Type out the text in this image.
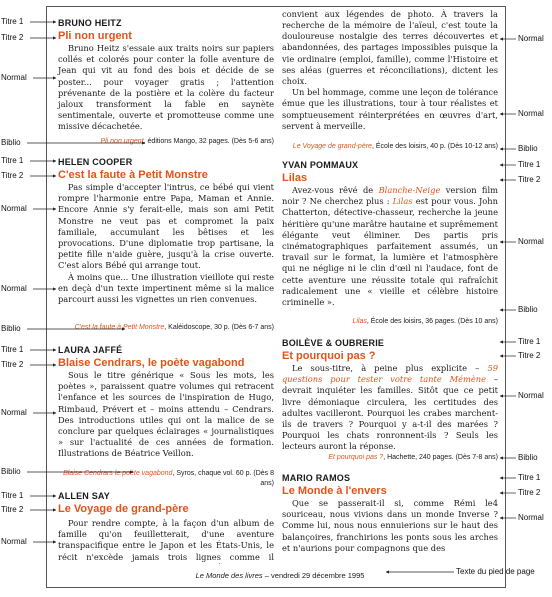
BRUNO HEITZ
Pli non urgent

Bruno Heitz s'essaie aux traits noirs sur papiers collés et colorés pour conter la folle aventure de Jean qui vit au fond des bois et décide de se poster... pour voyager gratis ; l'attention prévenante de la postière et la colère du facteur jaloux transforment la fable en saynète sentimentale, ouverte et promotteuse comme une missive décachetée.

Pli non urgent, éditions Mango, 32 pages. (Dès 5-6 ans)
HELEN COOPER
C'est la faute à Petit Monstre

Pas simple d'accepter l'intrus, ce bébé qui vient rompre l'harmonie entre Papa, Maman et Annie. Encore Annie s'y ferait-elle, mais son ami Petit Monstre ne veut pas et compromet la paix familiale, accumulant les bêtises et les provocations. D'une diplomatie trop partisane, la petite fille n'aide guère, jusqu'à la crise ouverte. C'est alors Bébé qui arrange tout.

À moins que... Une illustration vieillote qui reste en deçà d'un texte impertinent même si la malice parcourt aussi les vignettes un rien convenues.

C'est la faute à Petit Monstre, Kaléidoscope, 30 p. (Dès 6-7 ans)
LAURA JAFFÉ
Blaise Cendrars, le poète vagabond

Sous le titre générique « Sous les mots, les poètes », paraissent quatre volumes qui retracent l'enfance et les sources de l'inspiration de Hugo, Rimbaud, Prévert et – moins attendu – Cendrars. Des introductions utiles qui ont la malice de se conclure par quelques éclairages « journalistiques » sur l'actualité de ces années de formation. Illustrations de Béatrice Veillon.

Blaise Cendrars le poète vagabond, Syros, chaque vol. 60 p. (Dès 8 ans)
ALLEN SAY
Le Voyage de grand-père

Pour rendre compte, à la façon d'un album de famille qu'on feuilletterait, d'une aventure transpacifique entre le Japon et les États-Unis, le récit n'excède jamais trois lignes comme il

convient aux légendes de photo. À travers la recherche de la mémoire de l'aïeul, c'est toute la douloureuse nostalgie des terres découvertes et abandonnées, des partages impossibles puisque la vie ordinaire (emploi, famille), comme l'Histoire et ses aléas (guerres et réconciliations), dictent les choix.

Un bel hommage, comme une leçon de tolérance émue que les illustrations, tour à tour réalistes et somptueusement réinterprétées en œuvres d'art, servent à merveille.

Le Voyage de grand-père, École des loisirs, 40 p. (Dès 10-12 ans)
YVAN POMMAUX
Lilas

Avez-vous rêvé de Blanche-Neige version film noir ? Ne cherchez plus : Lilas est pour vous. John Chatterton, détective-chasseur, recherche la jeune héritière qu'une marâtre hautaine et suprêmement élégante veut éliminer. Des partis pris cinématographiques parfaitement assumés, un travail sur le format, la lumière et l'atmosphère qui ne néglige ni le clin d'œil ni l'audace, font de cette aventure une réussite totale qui rafraîchit radicalement une « vieille et célèbre histoire criminelle ».

Lilas, École des loisirs, 36 pages. (Dès 10 ans)
BOILÈVE & OUBRERIE
Et pourquoi pas ?

Le sous-titre, à peine plus explicite – 59 questions pour tester votre tante Mémène – devrait inquiéter les familles. Sitôt que ce petit livre démoniaque circulera, les certitudes des adultes vacilleront. Pourquoi les crabes marchent-ils de travers ? Pourquoi y a-t-il des marées ? Pourquoi les chats ronronnent-ils ? Seuls les lecteurs auront la réponse.

Et pourquoi pas ?, Hachette, 240 pages. (Dès 7-8 ans)
MARIO RAMOS
Le Monde à l'envers

Que se passerait-il si, comme Rémi le4 souriceau, nous vivions dans un monde Inverse ? Comme lui, nous nous ennuierions sur le haut des balançoires, franchirions les ponts sous les arches et n'aurions pour compagnons que des

Le Monde des livres – vendredi 29 décembre 1995
Titre 1
Titre 2
Normal
Biblio
Titre 1
Titre 2
Normal
Normal
Biblio
Titre 1
Titre 2
Normal
Biblio
Titre 1
Titre 2
Normal
Normal
Normal
Biblio
Titre 1
Titre 2
Normal
Biblio
Titre 1
Titre 2
Normal
Biblio
Titre 1
Titre 2
Normal
Texte du pied de page
